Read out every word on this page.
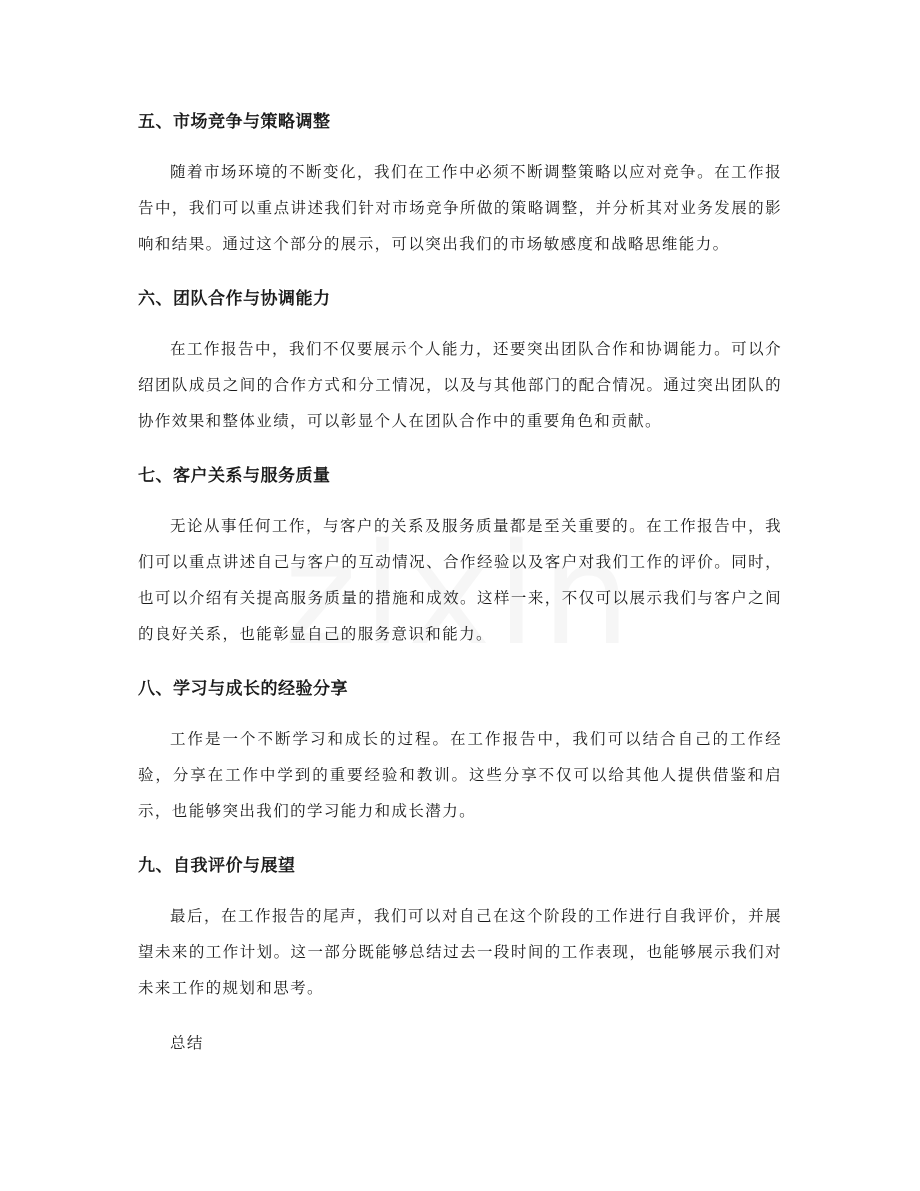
五、市场竞争与策略调整

随着市场环境的不断变化，我们在工作中必须不断调整策略以应对竞争。在工作报告中，我们可以重点讲述我们针对市场竞争所做的策略调整，并分析其对业务发展的影响和结果。通过这个部分的展示，可以突出我们的市场敏感度和战略思维能力。

六、团队合作与协调能力

在工作报告中，我们不仅要展示个人能力，还要突出团队合作和协调能力。可以介绍团队成员之间的合作方式和分工情况，以及与其他部门的配合情况。通过突出团队的协作效果和整体业绩，可以彰显个人在团队合作中的重要角色和贡献。

七、客户关系与服务质量

无论从事任何工作，与客户的关系及服务质量都是至关重要的。在工作报告中，我们可以重点讲述自己与客户的互动情况、合作经验以及客户对我们工作的评价。同时，也可以介绍有关提高服务质量的措施和成效。这样一来，不仅可以展示我们与客户之间的良好关系，也能彰显自己的服务意识和能力。

八、学习与成长的经验分享

工作是一个不断学习和成长的过程。在工作报告中，我们可以结合自己的工作经验，分享在工作中学到的重要经验和教训。这些分享不仅可以给其他人提供借鉴和启示，也能够突出我们的学习能力和成长潜力。

九、自我评价与展望

最后，在工作报告的尾声，我们可以对自己在这个阶段的工作进行自我评价，并展望未来的工作计划。这一部分既能够总结过去一段时间的工作表现，也能够展示我们对未来工作的规划和思考。

总结
